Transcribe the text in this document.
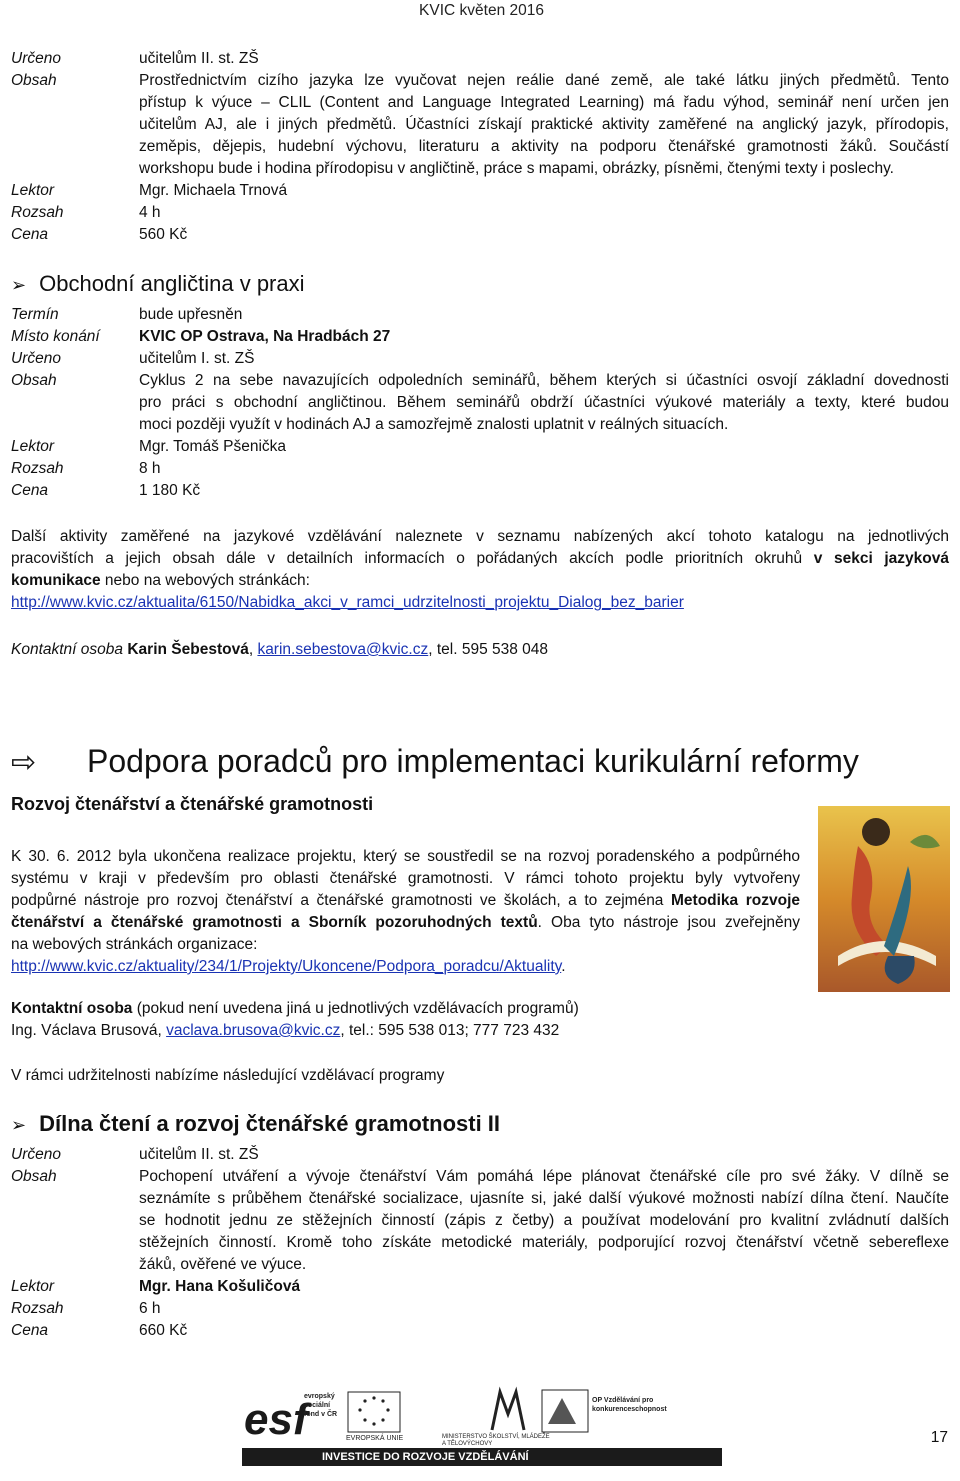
KVIC květen 2016
Určeno	učitelům II. st. ZŠ
Obsah	Prostřednictvím cizího jazyka lze vyučovat nejen reálie dané země, ale také látku jiných předmětů. Tento
přístup k výuce – CLIL (Content and Language Integrated Learning) má řadu výhod, seminář není určen jen
učitelům AJ, ale i jiných předmětů. Účastníci získají praktické aktivity zaměřené na anglický jazyk, přírodopis,
zeměpis, dějepis, hudební výchovu, literaturu a aktivity na podporu čtenářské gramotnosti žáků. Součástí
workshopu bude i hodina přírodopisu v angličtině, práce s mapami, obrázky, písněmi, čtenými texty i poslechy.
Lektor	Mgr. Michaela Trnová
Rozsah	4 h
Cena	560 Kč
➢ Obchodní angličtina v praxi
Termín	bude upřesněn
Místo konání	KVIC OP Ostrava, Na Hradbách 27
Určeno	učitelům I. st. ZŠ
Obsah	Cyklus 2 na sebe navazujících odpoledních seminářů, během kterých si účastníci osvojí základní dovednosti
pro práci s obchodní angličtinou. Během seminářů obdrží účastníci výukové materiály a texty, které budou
moci později využít v hodinách AJ a samozřejmě znalosti uplatnit v reálných situacích.
Lektor	Mgr. Tomáš Pšenička
Rozsah	8 h
Cena	1 180 Kč
Další aktivity zaměřené na jazykové vzdělávání naleznete v seznamu nabízených akcí tohoto katalogu na jednotlivých
pracovištích a jejich obsah dále v detailních informacích o pořádaných akcích podle prioritních okruhů v sekci jazyková
komunikace nebo na webových stránkách:
http://www.kvic.cz/aktualita/6150/Nabidka_akci_v_ramci_udrzitelnosti_projektu_Dialog_bez_barier
Kontaktní osoba Karin Šebestová, karin.sebestova@kvic.cz, tel. 595 538 048
⇨ Podpora poradců pro implementaci kurikulární reformy
Rozvoj čtenářství a čtenářské gramotnosti
K 30. 6. 2012 byla ukončena realizace projektu, který se soustředil se na rozvoj poradenského a podpůrného
systému v kraji v především pro oblasti čtenářské gramotnosti. V rámci tohoto projektu byly vytvořeny
podpůrné nástroje pro rozvoj čtenářství a čtenářské gramotnosti ve školách, a to zejména Metodika rozvoje
čtenářství a čtenářské gramotnosti a Sborník pozoruhodných textů. Oba tyto nástroje jsou zveřejněny
na webových stránkách organizace:
http://www.kvic.cz/aktuality/234/1/Projekty/Ukoncene/Podpora_poradcu/Aktuality.
Kontaktní osoba (pokud není uvedena jiná u jednotlivých vzdělávacích programů)
Ing. Václava Brusová, vaclava.brusova@kvic.cz, tel.: 595 538 013; 777 723 432
V rámci udržitelnosti nabízíme následující vzdělávací programy
➢ Dílna čtení a rozvoj čtenářské gramotnosti II
Určeno	učitelům II. st. ZŠ
Obsah	Pochopení utváření a vývoje čtenářství Vám pomáhá lépe plánovat čtenářské cíle pro své žáky. V dílně se
seznámíte s průběhem čtenářské socializace, ujasníte si, jaké další výukové možnosti nabízí dílna čtení. Naučíte
se hodnotit jednu ze stěžejních činností (zápis z četby) a používat modelování pro kvalitní zvládnutí dalších
stěžejních činností. Kromě toho získáte metodické materiály, podporující rozvoj čtenářství včetně sebereflexe
žáků, ověřené ve výuce.
Lektor	Mgr. Hana Košuličová
Rozsah	6 h
Cena	660 Kč
esf
evropský sociální fond v ČR
EVROPSKÁ UNIE	MINISTERSTVO ŠKOLSTVÍ, MLÁDEŽE A TĚLOVÝCHOVY
OP Vzdělávání pro konkurenceschopnost
INVESTICE DO ROZVOJE VZDĚLÁVÁNÍ
17
